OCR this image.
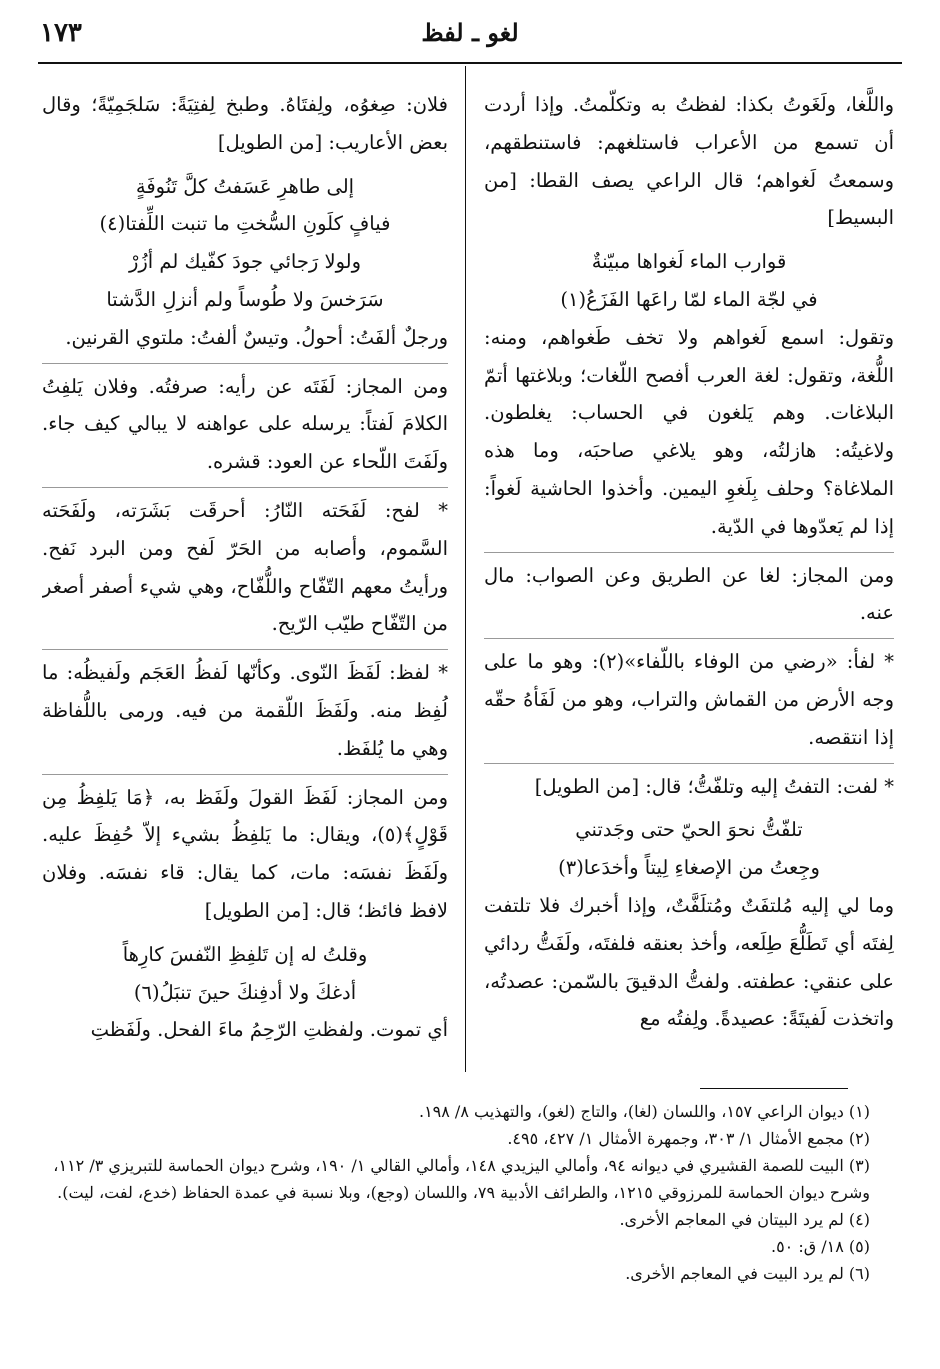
لغو ـ لفظ
١٧٣

واللَّغا، ولَغَوتُ بكذا: لفظتُ به وتكلّمتُ. وإذا أردت أن تسمع من الأعراب فاستلغهم: فاستنطقهم، وسمعتُ لَغواهم؛ قال الراعي يصف القطا: [من البسيط]

قوارب الماء لَغواها مبيّنةٌ
في لجّة الماء لمّا راعَها الفَزَعُ(١)

وتقول: اسمع لَغواهم ولا تخف طَغواهم، ومنه: اللُّغة، وتقول: لغة العرب أفصح اللّغات؛ وبلاغتها أتمّ البلاغات. وهم يَلغون في الحساب: يغلطون. ولاغيتُه: هازلتُه، وهو يلاغي صاحبَه، وما هذه الملاغاة؟ وحلف بِلَغوِ اليمين. وأخذوا الحاشية لَغواً: إذا لم يَعدّوها في الدّية.

ومن المجاز: لغا عن الطريق وعن الصواب: مال عنه.

* لفأ: «رضي من الوفاء باللّفاء»(٢): وهو ما على وجه الأرض من القماش والتراب، وهو من لَفَأهُ حقّه إذا انتقصه.

* لفت: التفتُ إليه وتلفّتُّ؛ قال: [من الطويل]

تلفّتُّ نحوَ الحيّ حتى وجَدتني
وجِعتُ من الإصغاءِ لِيتاً وأخدَعا(٣)

وما لي إليه مُلتفَتٌ ومُتلَفَّتٌ، وإذا أخبرك فلا تلتفت لِفتَه أي تَطَلُّعَ طِلَعه، وأخذ بعنقه فلفتَه، ولَفَتُّ ردائي على عنقي: عطفته. ولفتُّ الدقيقَ بالسّمن: عصدتُه، واتخذت لَفيتَةً: عصيدةً. ولِفتُه مع

فلان: صِغوُه، ولِفتَاهُ. وطبخ لِفتِيَةً: سَلجَمِيّةً؛ وقال بعض الأعاريب: [من الطويل]

إلى طاهرِ عَسَفتُ كلَّ تَنُوفَةٍ
فيافٍ كلَونِ السُّختِ ما تنبت اللِّفتا(٤)
ولولا رَجائي جودَ كفّيك لم أزُرْ
سَرَخسَ ولا طُوساً ولم أنزلِ الدَّشتا

ورجلٌ ألفَتُ: أحولُ. وتيسٌ ألفتُ: ملتوي القرنين.

ومن المجاز: لَفَتَه عن رأيه: صرفتُه. وفلان يَلفِتُ الكلامَ لَفتاً: يرسله على عواهنه لا يبالي كيف جاء. ولَفَتَ اللّحاء عن العود: قشره.

* لفح: لَفَحَته النّارُ: أحرقَت بَشَرَته، ولَفَحَته السَّموم، وأصابه من الحَرّ لَفح ومن البرد نَفح. ورأيتُ معهم التّفّاح واللُّفّاح، وهي شيء أصفر أصغر من التّفّاح طيّب الرّيح.

* لفظ: لَفَظَ النّوى. وكأنّها لَفظُ العَجَم ولَفيظُه: ما لُفِظ منه. ولَفَظَ اللّقمة من فيه. ورمى باللُّفاظة وهي ما يُلفَظ.

ومن المجاز: لَفَظَ القولَ ولَفَظ به، ﴿مَا يَلفِظُ مِن قَوْلٍ﴾(٥)، ويقال: ما يَلفِظُ بشيء إلاّ حُفِظَ عليه. ولَفَظَ نفسَه: مات، كما يقال: قاء نفسَه. وفلان لافظ فائظ؛ قال: [من الطويل]

وقلتُ له إن تَلفِظِ النّفسَ كارِهاً
أدغكَ ولا أدفِنكَ حينَ تنبَلُ(٦)

أي تموت. ولفظتِ الرّحِمُ ماءَ الفحل. ولَفَظتِ

(١) ديوان الراعي ١٥٧، واللسان (لغا)، والتاج (لغو)، والتهذيب ٨/ ١٩٨.

(٢) مجمع الأمثال ١/ ٣٠٣، وجمهرة الأمثال ١/ ٤٢٧، ٤٩٥.

(٣) البيت للصمة القشيري في ديوانه ٩٤، وأمالي اليزيدي ١٤٨، وأمالي القالي ١/ ١٩٠، وشرح ديوان الحماسة للتبريزي ٣/ ١١٢، وشرح ديوان الحماسة للمرزوقي ١٢١٥، والطرائف الأدبية ٧٩، واللسان (وجع)، وبلا نسبة في عمدة الحفاظ (خدع، لفت، ليت).

(٤) لم يرد البيتان في المعاجم الأخرى.

(٥) ١٨/ ق: ٥٠.

(٦) لم يرد البيت في المعاجم الأخرى.
